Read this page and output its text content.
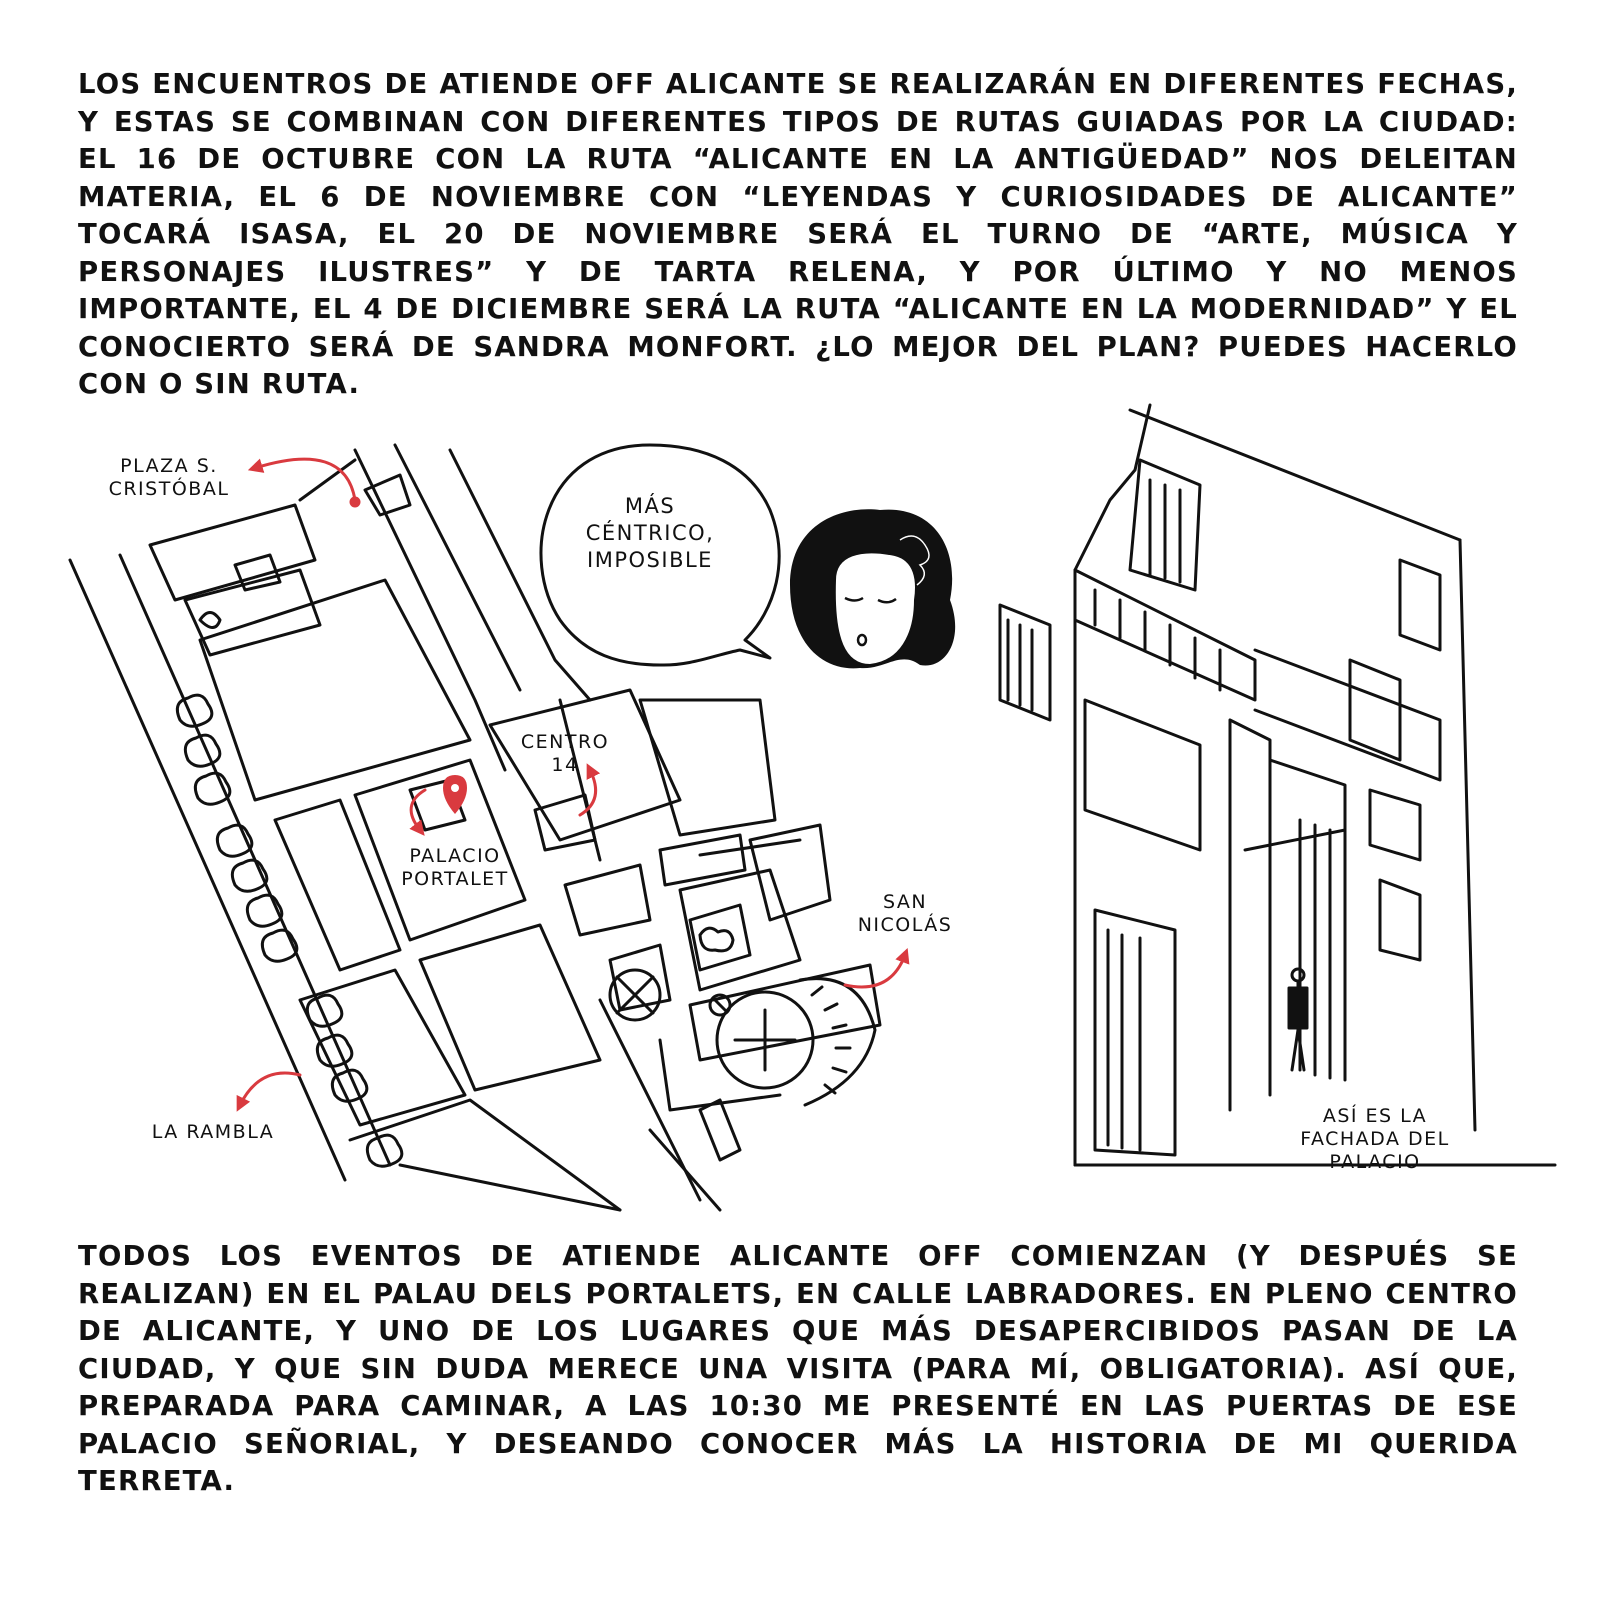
LOS ENCUENTROS DE ATIENDE OFF ALICANTE SE REALIZARÁN EN DIFERENTES FECHAS, Y ESTAS SE COMBINAN CON DIFERENTES TIPOS DE RUTAS GUIADAS POR LA CIUDAD: EL 16 DE OCTUBRE CON LA RUTA “ALICANTE EN LA ANTIGÜEDAD” NOS DELEITAN MATERIA, EL 6 DE NOVIEMBRE CON “LEYENDAS Y CURIOSIDADES DE ALICANTE” TOCARÁ ISASA, EL 20 DE NOVIEMBRE SERÁ EL TURNO DE “ARTE, MÚSICA Y PERSONAJES ILUSTRES” Y DE TARTA RELENA, Y POR ÚLTIMO Y NO MENOS IMPORTANTE, EL 4 DE DICIEMBRE SERÁ LA RUTA “ALICANTE EN LA MODERNIDAD” Y EL CONOCIERTO SERÁ DE SANDRA MONFORT. ¿LO MEJOR DEL PLAN? PUEDES HACERLO CON O SIN RUTA.

PLAZA S.
CRISTÓBAL
LA RAMBLA
CENTRO
14
PALACIO
PORTALET
SAN
NICOLÁS
MÁS
CÉNTRICO,
IMPOSIBLE
ASÍ ES LA
FACHADA DEL
PALACIO

TODOS LOS EVENTOS DE ATIENDE ALICANTE OFF COMIENZAN (Y DESPUÉS SE REALIZAN) EN EL PALAU DELS PORTALETS, EN CALLE LABRADORES. EN PLENO CENTRO DE ALICANTE, Y UNO DE LOS LUGARES QUE MÁS DESAPERCIBIDOS PASAN DE LA CIUDAD, Y QUE SIN DUDA MERECE UNA VISITA (PARA MÍ, OBLIGATORIA). ASÍ QUE, PREPARADA PARA CAMINAR, A LAS 10:30 ME PRESENTÉ EN LAS PUERTAS DE ESE PALACIO SEÑORIAL, Y DESEANDO CONOCER MÁS LA HISTORIA DE MI QUERIDA TERRETA.
